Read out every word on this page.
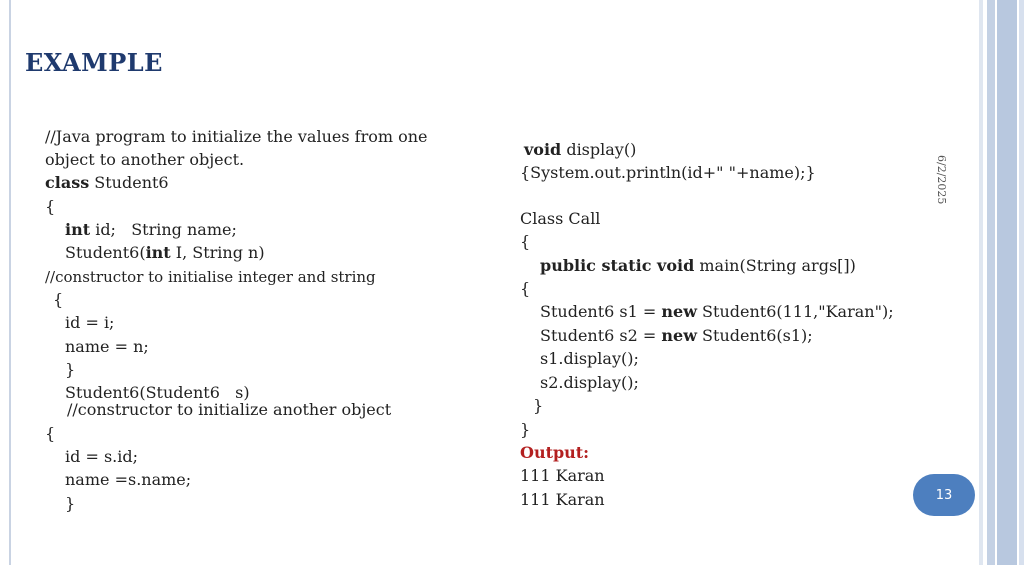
EXAMPLE
6/2/2025
//Java program to initialize the values from one
object to another object.
class Student6
{
int id;   String name;
Student6(int I, String n)
//constructor to initialise integer and string
{
id = i;
name = n;
}
Student6(Student6   s)
//constructor to initialize another object
{
id = s.id;
name =s.name;
}
void display()
{System.out.println(id+" "+name);}
Class Call
{
public static void main(String args[])
{
Student6 s1 = new Student6(111,"Karan");
Student6 s2 = new Student6(s1);
s1.display();
s2.display();
}
}
Output:
111 Karan
111 Karan	13
